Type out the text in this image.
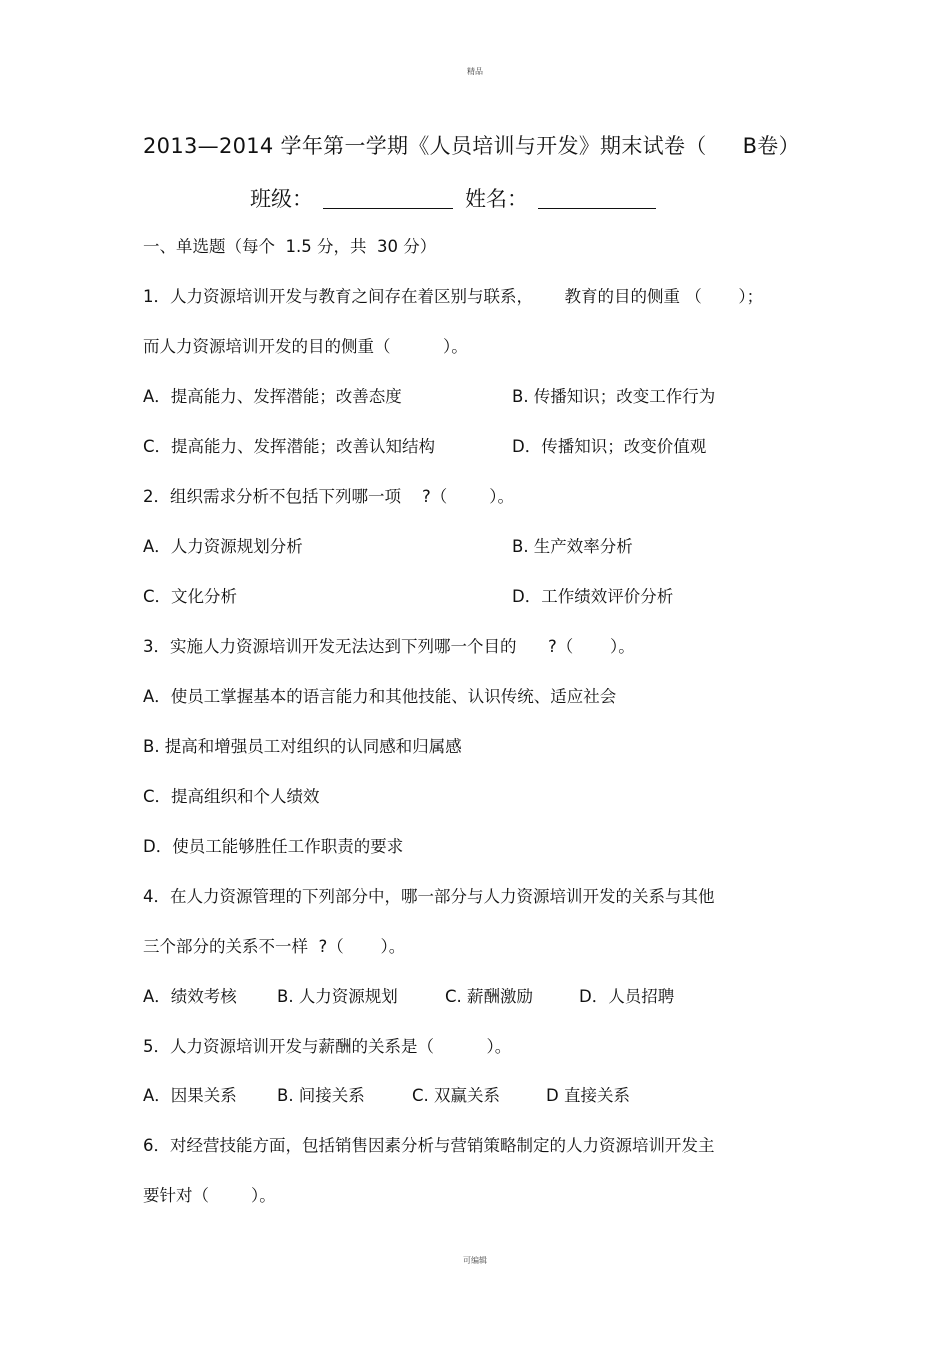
精品
2013—2014 学年第一学期《人员培训与开发》期末试卷（ B卷）
班级：	姓名：
一、单选题（每个  1.5 分，共  30 分）
1．人力资源培训开发与教育之间存在着区别与联系，      教育的目的侧重 （       ）；
而人力资源培训开发的目的侧重（          ）。
A．提高能力、发挥潜能；改善态度	B. 传播知识；改变工作行为
C．提高能力、发挥潜能；改善认知结构	D．传播知识；改变价值观
2．组织需求分析不包括下列哪一项    ?（        ）。
A．人力资源规划分析	B. 生产效率分析
C．文化分析	D．工作绩效评价分析
3．实施人力资源培训开发无法达到下列哪一个目的      ?（       ）。
A．使员工掌握基本的语言能力和其他技能、认识传统、适应社会
B. 提高和增强员工对组织的认同感和归属感
C．提高组织和个人绩效
D．使员工能够胜任工作职责的要求
4．在人力资源管理的下列部分中，哪一部分与人力资源培训开发的关系与其他
三个部分的关系不一样  ?（       ）。
A．绩效考核 B. 人力资源规划	C. 薪酬激励	D．人员招聘
5．人力资源培训开发与薪酬的关系是（          ）。
A．因果关系 B. 间接关系	C. 双赢关系	D 直接关系
6．对经营技能方面，包括销售因素分析与营销策略制定的人力资源培训开发主
要针对（        ）。
可编辑
